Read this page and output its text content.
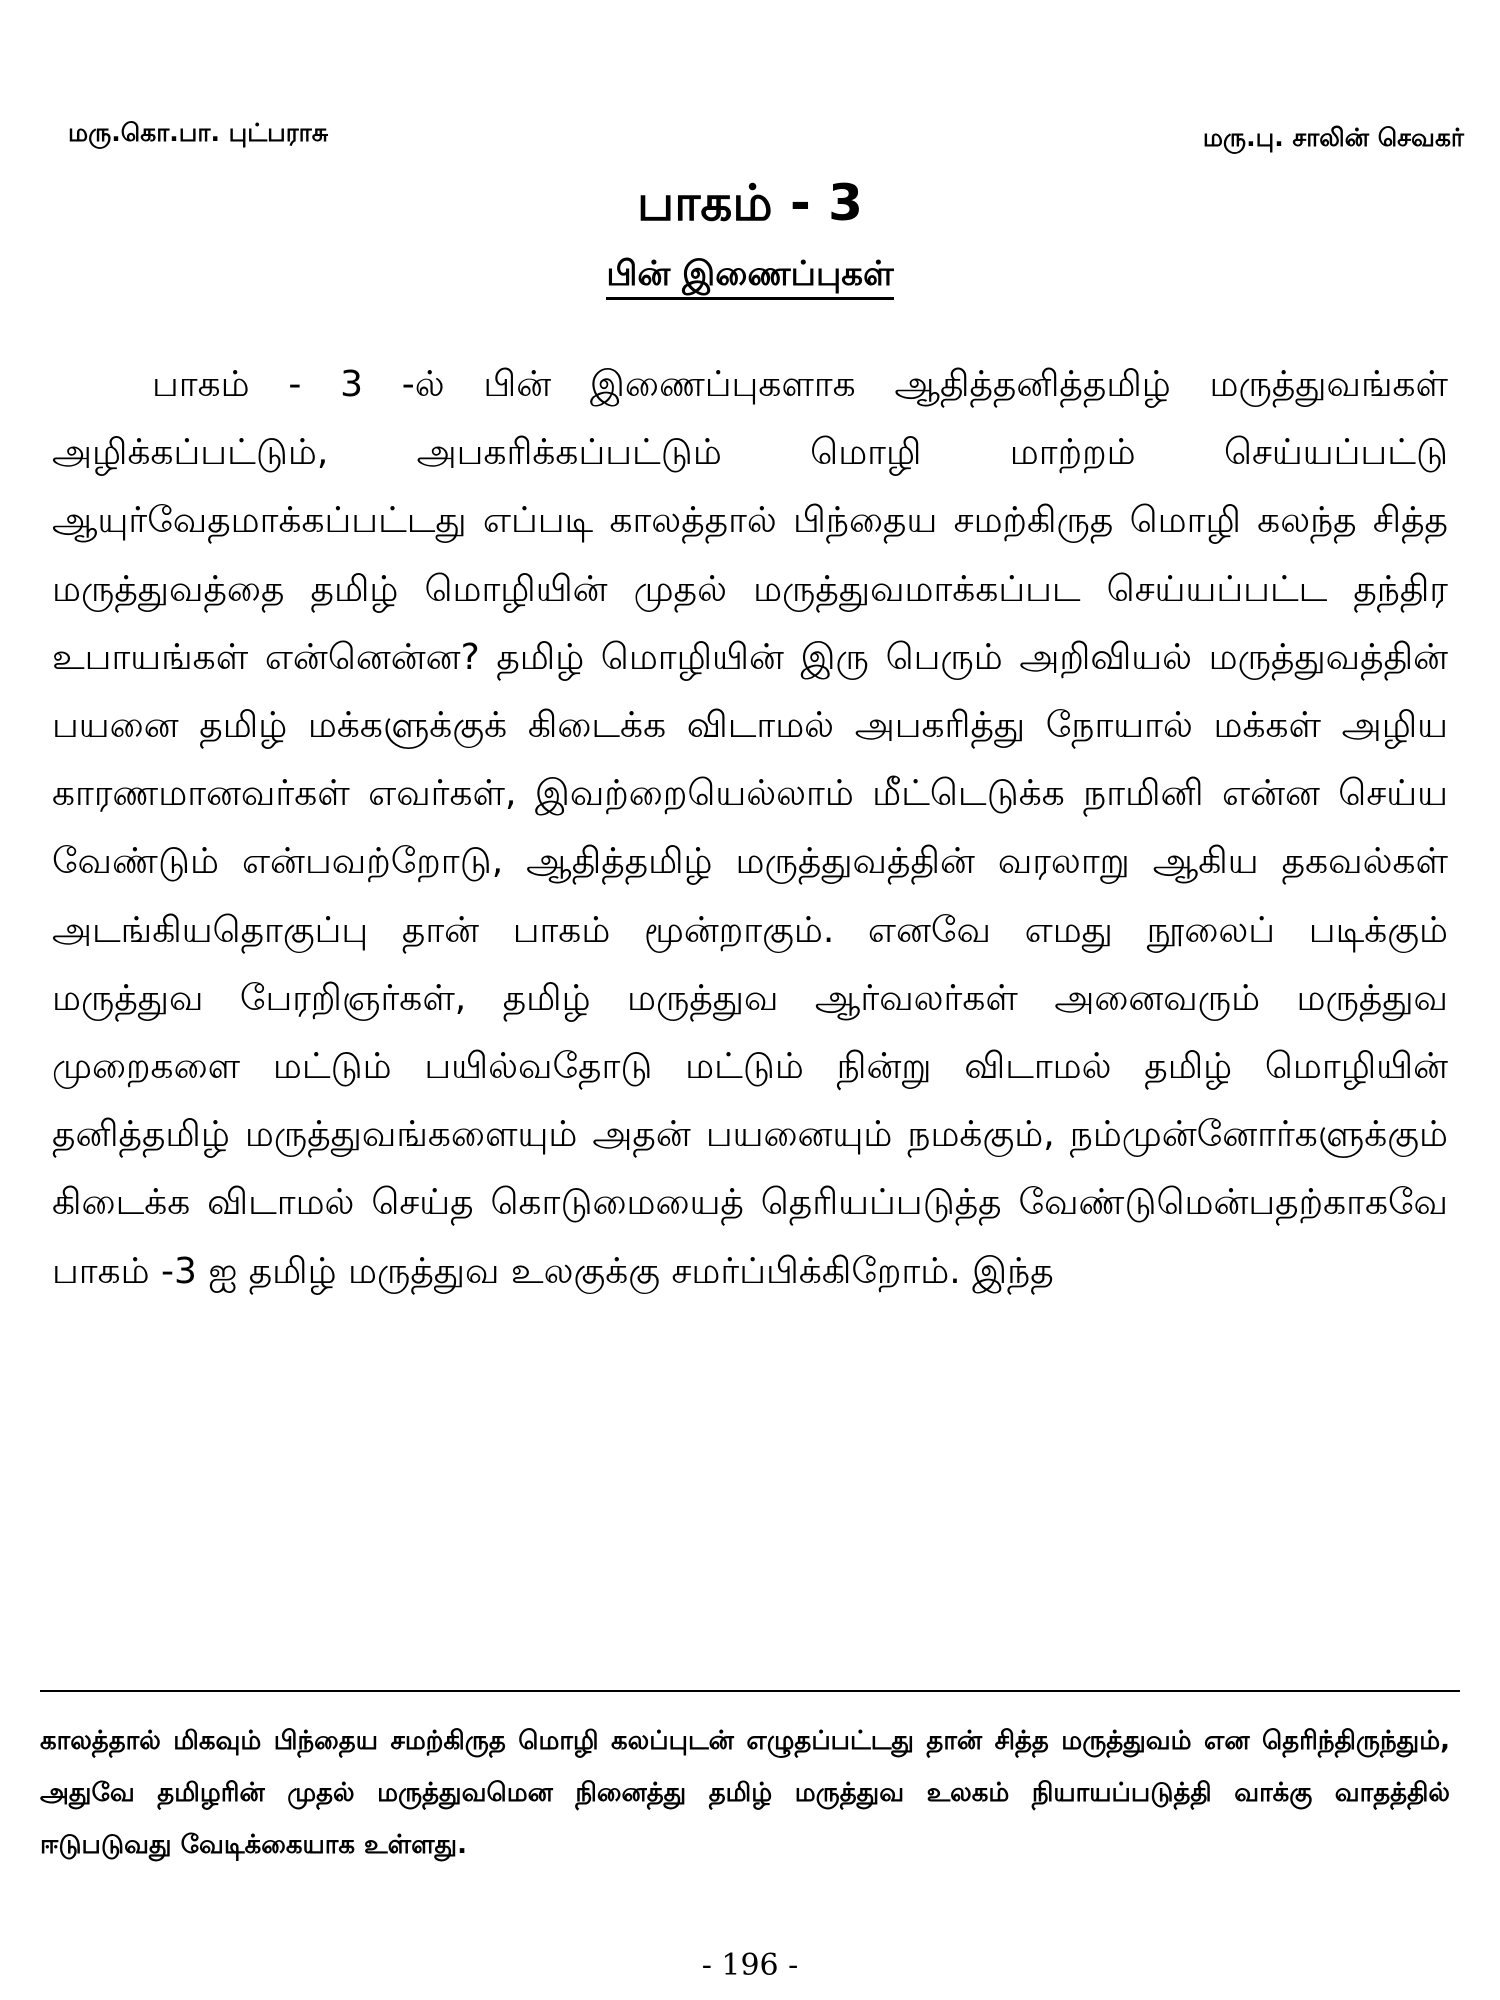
மரு.கொ.பா. புட்பராசு	மரு.பு. சாலின் செவகர்
பாகம் - 3
பின் இணைப்புகள்

பாகம் - 3 -ல் பின் இணைப்புகளாக ஆதித்தனித்தமிழ் மருத்துவங்கள் அழிக்கப்பட்டும், அபகரிக்கப்பட்டும் மொழி மாற்றம் செய்யப்பட்டு ஆயுர்வேதமாக்கப்பட்டது எப்படி காலத்தால் பிந்தைய சமற்கிருத மொழி கலந்த சித்த மருத்துவத்தை தமிழ் மொழியின் முதல் மருத்துவமாக்கப்பட செய்யப்பட்ட தந்திர உபாயங்கள் என்னென்ன? தமிழ் மொழியின் இரு பெரும் அறிவியல் மருத்துவத்தின் பயனை தமிழ் மக்களுக்குக் கிடைக்க விடாமல் அபகரித்து நோயால் மக்கள் அழிய காரணமானவர்கள் எவர்கள், இவற்றையெல்லாம் மீட்டெடுக்க நாமினி என்ன செய்ய வேண்டும் என்பவற்றோடு, ஆதித்தமிழ் மருத்துவத்தின் வரலாறு ஆகிய தகவல்கள் அடங்கியதொகுப்பு தான் பாகம் மூன்றாகும். எனவே எமது நூலைப் படிக்கும் மருத்துவ பேரறிஞர்கள், தமிழ் மருத்துவ ஆர்வலர்கள் அனைவரும் மருத்துவ முறைகளை மட்டும் பயில்வதோடு மட்டும் நின்று விடாமல் தமிழ் மொழியின் தனித்தமிழ் மருத்துவங்களையும் அதன் பயனையும் நமக்கும், நம்முன்னோர்களுக்கும் கிடைக்க விடாமல் செய்த கொடுமையைத் தெரியப்படுத்த வேண்டுமென்பதற்காகவே பாகம் -3 ஐ தமிழ் மருத்துவ உலகுக்கு சமர்ப்பிக்கிறோம். இந்த

காலத்தால் மிகவும் பிந்தைய சமற்கிருத மொழி கலப்புடன் எழுதப்பட்டது தான் சித்த மருத்துவம் என தெரிந்திருந்தும், அதுவே தமிழரின் முதல் மருத்துவமென நினைத்து தமிழ் மருத்துவ உலகம் நியாயப்படுத்தி வாக்கு வாதத்தில் ஈடுபடுவது வேடிக்கையாக உள்ளது.

- 196 -
